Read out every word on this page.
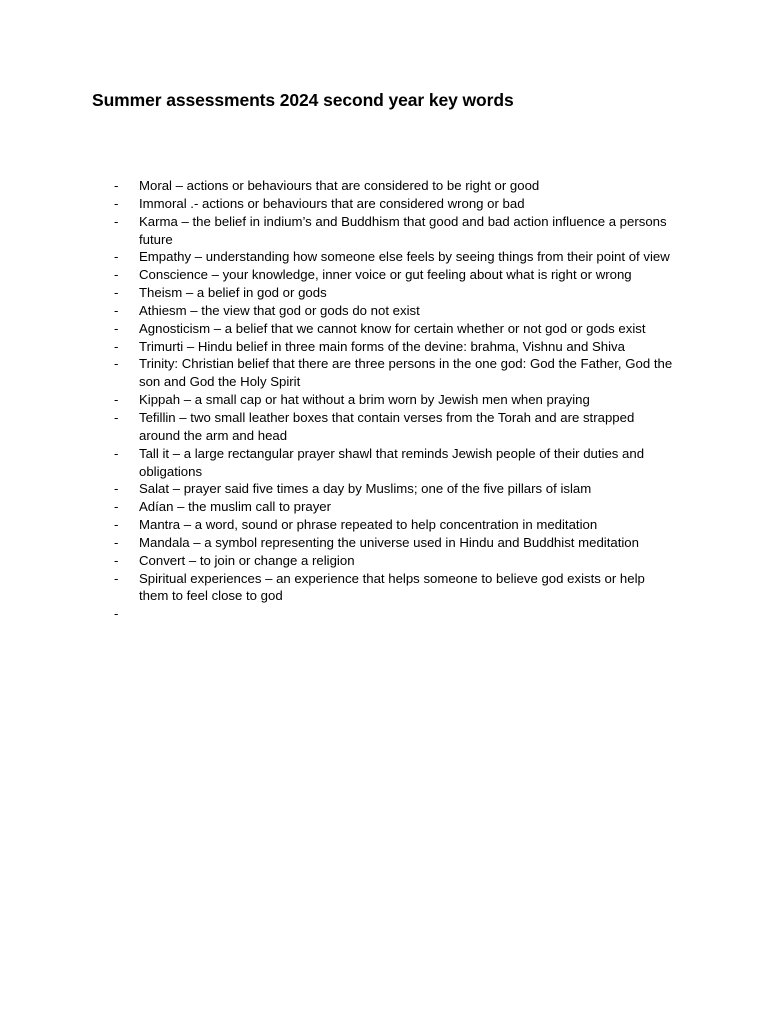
Summer assessments 2024 second year key words
- Moral – actions or behaviours that are considered to be right or good
- Immoral .- actions or behaviours that are considered wrong or bad
- Karma – the belief in indium’s and Buddhism that good and bad action influence a persons future
- Empathy – understanding how someone else feels by seeing things from their point of view
- Conscience – your knowledge, inner voice or gut feeling about what is right or wrong
- Theism – a belief in god or gods
- Athiesm – the view that god or gods do not exist
- Agnosticism – a belief that we cannot know for certain whether or not god or gods exist
- Trimurti – Hindu belief in three main forms of the devine: brahma, Vishnu and Shiva
- Trinity: Christian belief that there are three persons in the one god: God the Father, God the son and God the Holy Spirit
- Kippah – a small cap or hat without a brim worn by Jewish men when praying
- Tefillin – two small leather boxes that contain verses from the Torah and are strapped around the arm and head
- Tall it – a large rectangular prayer shawl that reminds Jewish people of their duties and obligations
- Salat – prayer said five times a day by Muslims; one of the five pillars of islam
- Adían – the muslim call to prayer
- Mantra – a word, sound or phrase repeated to help concentration in meditation
- Mandala – a symbol representing the universe used in Hindu and Buddhist meditation
- Convert – to join or change a religion
- Spiritual experiences – an experience that helps someone to believe god exists or help them to feel close to god
-
